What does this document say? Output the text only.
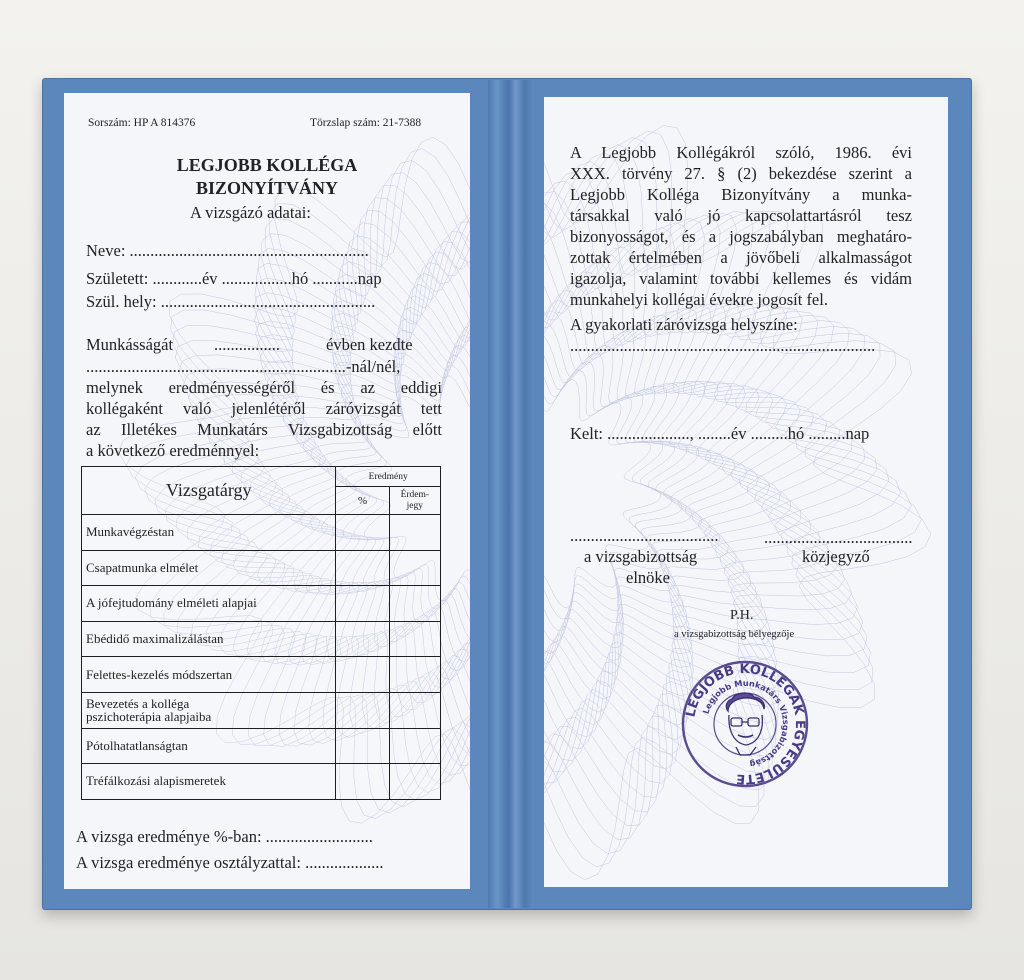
Sorszám: HP A 814376	Törzslap szám: 21-7388
LEGJOBB KOLLÉGA
BIZONYÍTVÁNY
A vizsgázó adatai:
Neve: ..........................................................
Született: ............év .................hó ...........nap
Szül. hely: ....................................................
Munkásságát ................	évben kezdte
...............................................................-nál/nél,
melynek eredményességéről és az eddigi
kollégaként való jelenlétéről záróvizsgát tett
az Illetékes Munkatárs Vizsgabizottság előtt
a következő eredménnyel:
Vizsgatárgy	Eredmény	
	%	Érdem-
jegy

Munkavégzéstan		
Csapatmunka elmélet		
A jófejtudomány elméleti alapjai		
Ebédidő maximalizálástan		
Felettes-kezelés módszertan		

Bevezetés a kolléga
pszichoterápia alapjaiba		

Pótolhatatlanságtan		
Tréfálkozási alapismeretek		
A vizsga eredménye %-ban: ..........................
A vizsga eredménye osztályzattal: ...................
A Legjobb Kollégákról szóló, 1986. évi
XXX. törvény 27. § (2) bekezdése szerint a
Legjobb Kolléga Bizonyítvány a munka-
társakkal való jó kapcsolattartásról tesz
bizonyosságot, és a jogszabályban meghatáro-
zottak értelmében a jövőbeli alkalmasságot
igazolja, valamint további kellemes és vidám
munkahelyi kollégai évekre jogosít fel.
A gyakorlati záróvizsga helyszíne:
..........................................................................
Kelt: ...................., ........év .........hó .........nap
....................................	....................................
a vizsgabizottság
elnöke
közjegyző
P.H.
a vizsgabizottság bélyegzője
LEGJOBB KOLLÉGÁK EGYESÜLETE
Legjobb Munkatárs Vizsgabizottság
